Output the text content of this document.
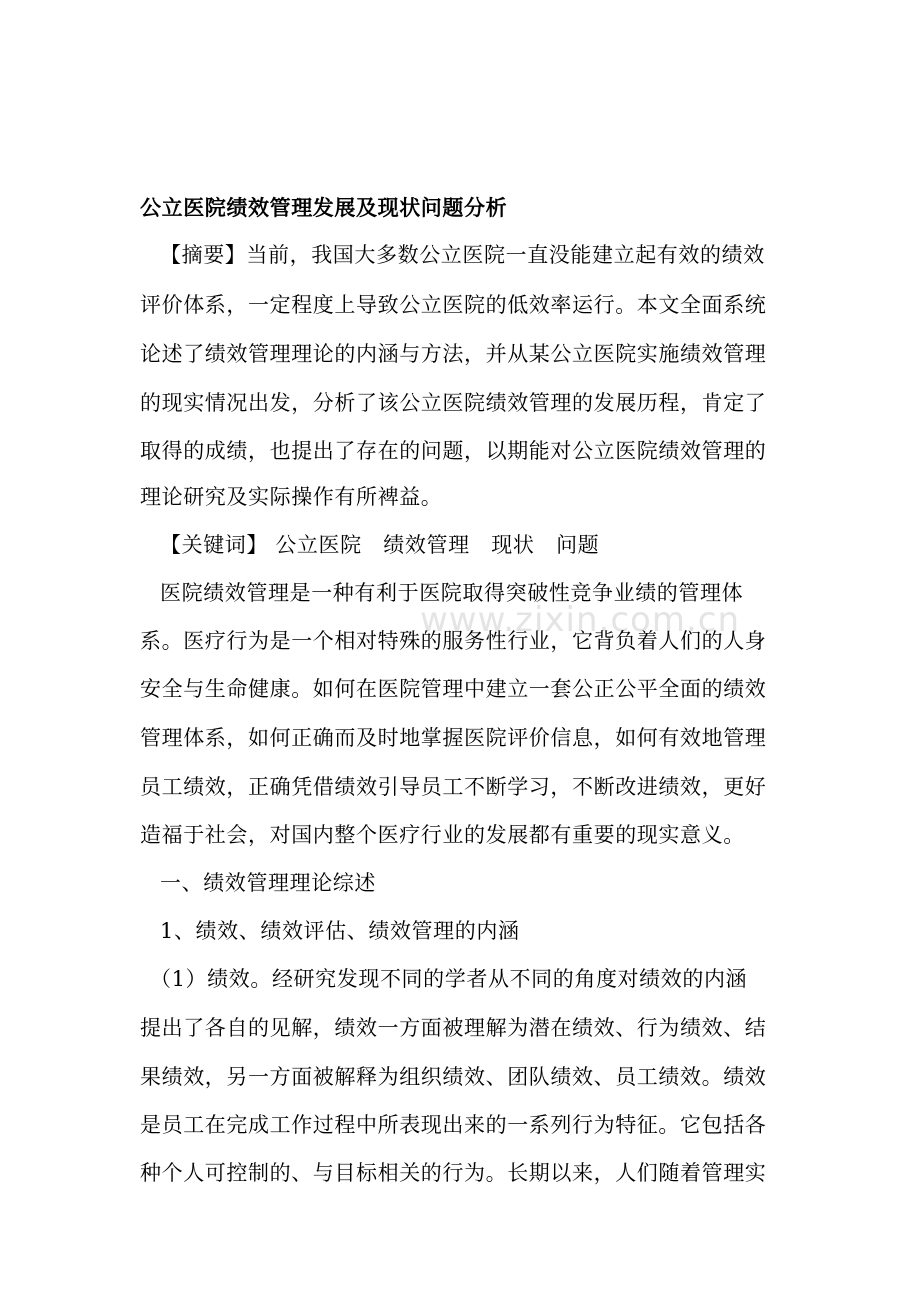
www.zixin.com.cn
公立医院绩效管理发展及现状问题分析
【摘要】当前，我国大多数公立医院一直没能建立起有效的绩效
评价体系，一定程度上导致公立医院的低效率运行。本文全面系统
论述了绩效管理理论的内涵与方法，并从某公立医院实施绩效管理
的现实情况出发，分析了该公立医院绩效管理的发展历程，肯定了
取得的成绩，也提出了存在的问题，以期能对公立医院绩效管理的
理论研究及实际操作有所裨益。
【关键词】 公立医院　绩效管理　现状　问题
医院绩效管理是一种有利于医院取得突破性竞争业绩的管理体
系。医疗行为是一个相对特殊的服务性行业，它背负着人们的人身
安全与生命健康。如何在医院管理中建立一套公正公平全面的绩效
管理体系，如何正确而及时地掌握医院评价信息，如何有效地管理
员工绩效，正确凭借绩效引导员工不断学习，不断改进绩效，更好
造福于社会，对国内整个医疗行业的发展都有重要的现实意义。
一、绩效管理理论综述
1、绩效、绩效评估、绩效管理的内涵
（1）绩效。经研究发现不同的学者从不同的角度对绩效的内涵
提出了各自的见解，绩效一方面被理解为潜在绩效、行为绩效、结
果绩效，另一方面被解释为组织绩效、团队绩效、员工绩效。绩效
是员工在完成工作过程中所表现出来的一系列行为特征。它包括各
种个人可控制的、与目标相关的行为。长期以来，人们随着管理实
